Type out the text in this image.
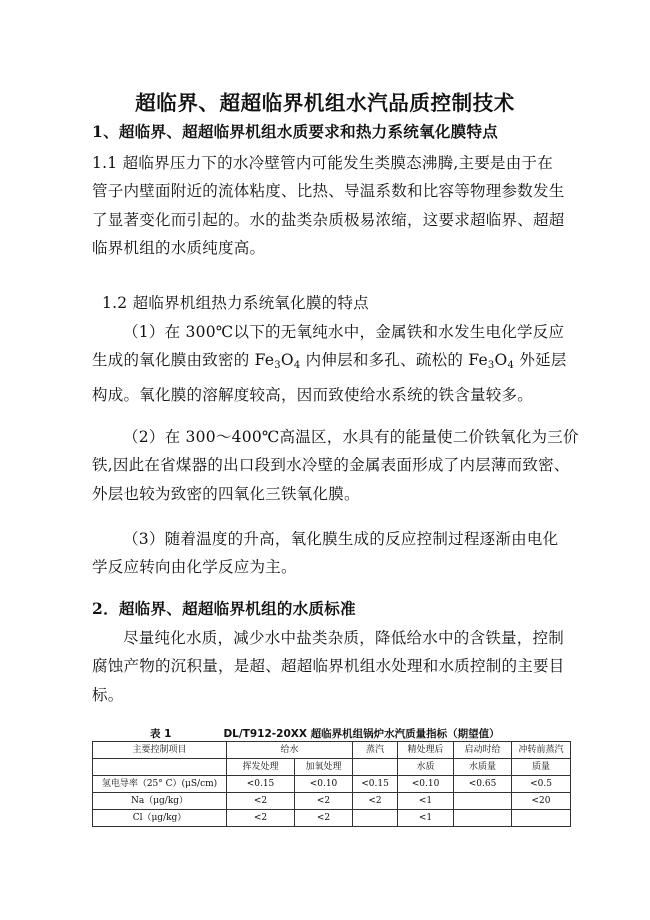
超临界、超超临界机组水汽品质控制技术
1、超临界、超超临界机组水质要求和热力系统氧化膜特点
1.1 超临界压力下的水冷壁管内可能发生类膜态沸腾,主要是由于在
管子内壁面附近的流体粘度、比热、导温系数和比容等物理参数发生
了显著变化而引起的。水的盐类杂质极易浓缩，这要求超临界、超超
临界机组的水质纯度高。
1.2 超临界机组热力系统氧化膜的特点
（1）在 300℃以下的无氧纯水中，金属铁和水发生电化学反应
生成的氧化膜由致密的 $Fe_3O_4$ 内伸层和多孔、疏松的 $Fe_3O_4$ 外延层
构成。氧化膜的溶解度较高，因而致使给水系统的铁含量较多。
（2）在 300～400℃高温区，水具有的能量使二价铁氧化为三价
铁,因此在省煤器的出口段到水冷壁的金属表面形成了内层薄而致密、
外层也较为致密的四氧化三铁氧化膜。
（3）随着温度的升高，氧化膜生成的反应控制过程逐渐由电化
学反应转向由化学反应为主。
2．超临界、超超临界机组的水质标准
尽量纯化水质，减少水中盐类杂质，降低给水中的含铁量，控制
腐蚀产物的沉积量，是超、超超临界机组水处理和水质控制的主要目
标。
表 1	DL/T912-20XX 超临界机组锅炉水汽质量指标（期望值）
主要控制项目	给水		蒸汽	精处理后	启动时给	冲转前蒸汽
	挥发处理	加氧处理		水质	水质量	质量
氢电导率（25° C）(μS/cm)	<0.15	<0.10	<0.15	<0.10	<0.65	<0.5
Na（μg/kg）	<2	<2	<2	<1		<20
Cl（μg/kg）	<2	<2		<1		
